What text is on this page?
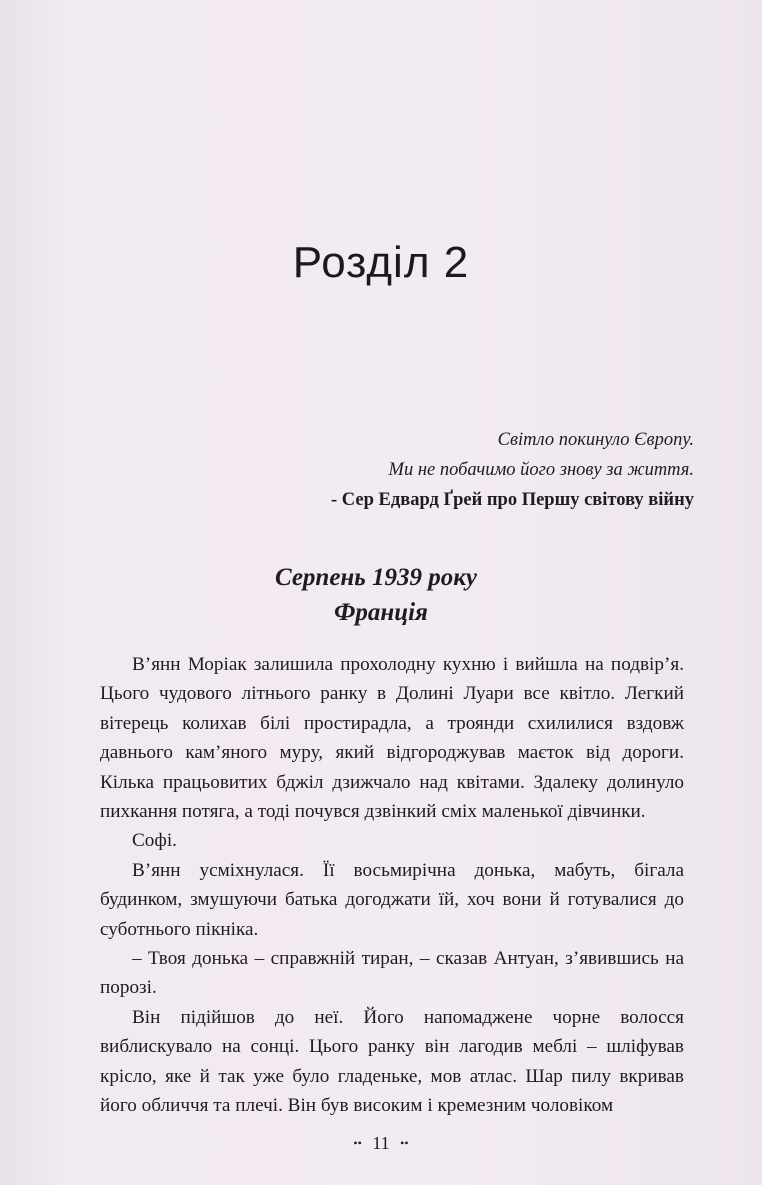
Розділ 2
Світло покинуло Європу.
Ми не побачимо його знову за життя.
- Сер Едвард Ґрей про Першу світову війну
Серпень 1939 року
Франція

В’янн Моріак залишила прохолодну кухню і вийшла на подвір’я. Цього чудового літнього ранку в Долині Луари все квітло. Легкий вітерець колихав білі простирадла, а троянди схилилися вздовж давнього кам’яного муру, який відгороджував маєток від дороги. Кілька працьовитих бджіл дзижчало над квітами. Здалеку долинуло пихкання потяга, а тоді почувся дзвінкий сміх маленької дівчинки.

Софі.

В’янн усміхнулася. Її восьмирічна донька, мабуть, бігала будинком, змушуючи батька догоджати їй, хоч вони й готувалися до суботнього пікніка.

– Твоя донька – справжній тиран, – сказав Антуан, з’явившись на порозі.

Він підійшов до неї. Його напомаджене чорне волосся виблискувало на сонці. Цього ранку він лагодив меблі – шліфував крісло, яке й так уже було гладеньке, мов атлас. Шар пилу вкривав його обличчя та плечі. Він був високим і кремезним чоловіком

•• 11 ••
